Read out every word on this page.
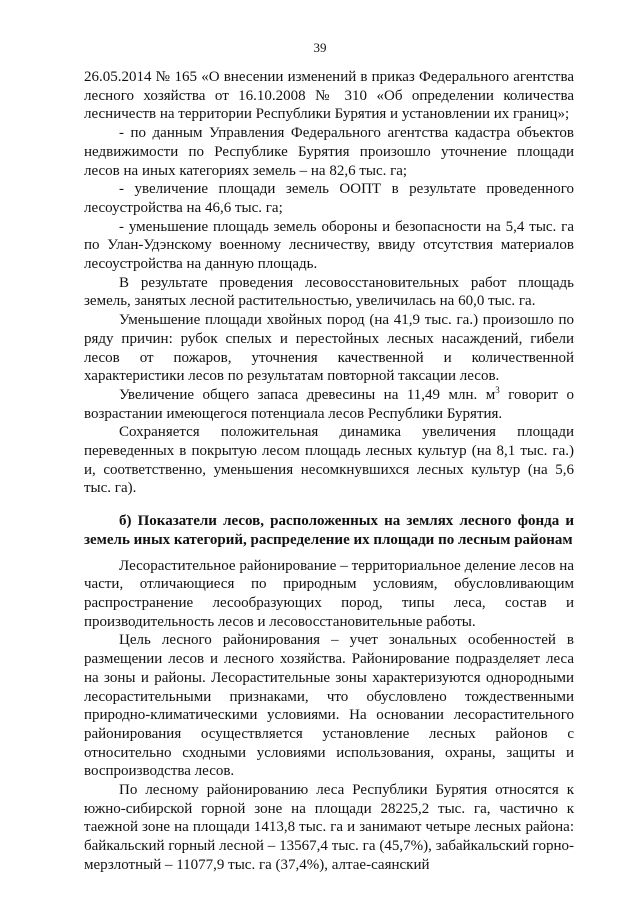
39

26.05.2014 № 165 «О внесении изменений в приказ Федерального агентства лесного хозяйства от 16.10.2008 № 310 «Об определении количества лесничеств на территории Республики Бурятия и установлении их границ»;

- по данным Управления Федерального агентства кадастра объектов недвижимости по Республике Бурятия произошло уточнение площади лесов на иных категориях земель – на 82,6 тыс. га;

- увеличение площади земель ООПТ в результате проведенного лесоустройства на 46,6 тыс. га;

- уменьшение площадь земель обороны и безопасности на 5,4 тыс. га по Улан-Удэнскому военному лесничеству, ввиду отсутствия материалов лесоустройства на данную площадь.

В результате проведения лесовосстановительных работ площадь земель, занятых лесной растительностью, увеличилась на 60,0 тыс. га.

Уменьшение площади хвойных пород (на 41,9 тыс. га.) произошло по ряду причин: рубок спелых и перестойных лесных насаждений, гибели лесов от пожаров, уточнения качественной и количественной характеристики лесов по результатам повторной таксации лесов.

Увеличение общего запаса древесины на 11,49 млн. $м^3$ говорит о возрастании имеющегося потенциала лесов Республики Бурятия.

Сохраняется положительная динамика увеличения площади переведенных в покрытую лесом площадь лесных культур (на 8,1 тыс. га.) и, соответственно, уменьшения несомкнувшихся лесных культур (на 5,6 тыс. га).

б) Показатели лесов, расположенных на землях лесного фонда и земель иных категорий, распределение их площади по лесным районам

Лесорастительное районирование – территориальное деление лесов на части, отличающиеся по природным условиям, обусловливающим распространение лесообразующих пород, типы леса, состав и производительность лесов и лесовосстановительные работы.

Цель лесного районирования – учет зональных особенностей в размещении лесов и лесного хозяйства. Районирование подразделяет леса на зоны и районы. Лесорастительные зоны характеризуются однородными лесорастительными признаками, что обусловлено тождественными природно-климатическими условиями. На основании лесорастительного районирования осуществляется установление лесных районов с относительно сходными условиями использования, охраны, защиты и воспроизводства лесов.

По лесному районированию леса Республики Бурятия относятся к южно-сибирской горной зоне на площади 28225,2 тыс. га, частично к таежной зоне на площади 1413,8 тыс. га и занимают четыре лесных района: байкальский горный лесной – 13567,4 тыс. га (45,7%), забайкальский горно-мерзлотный – 11077,9 тыс. га (37,4%), алтае-саянский
